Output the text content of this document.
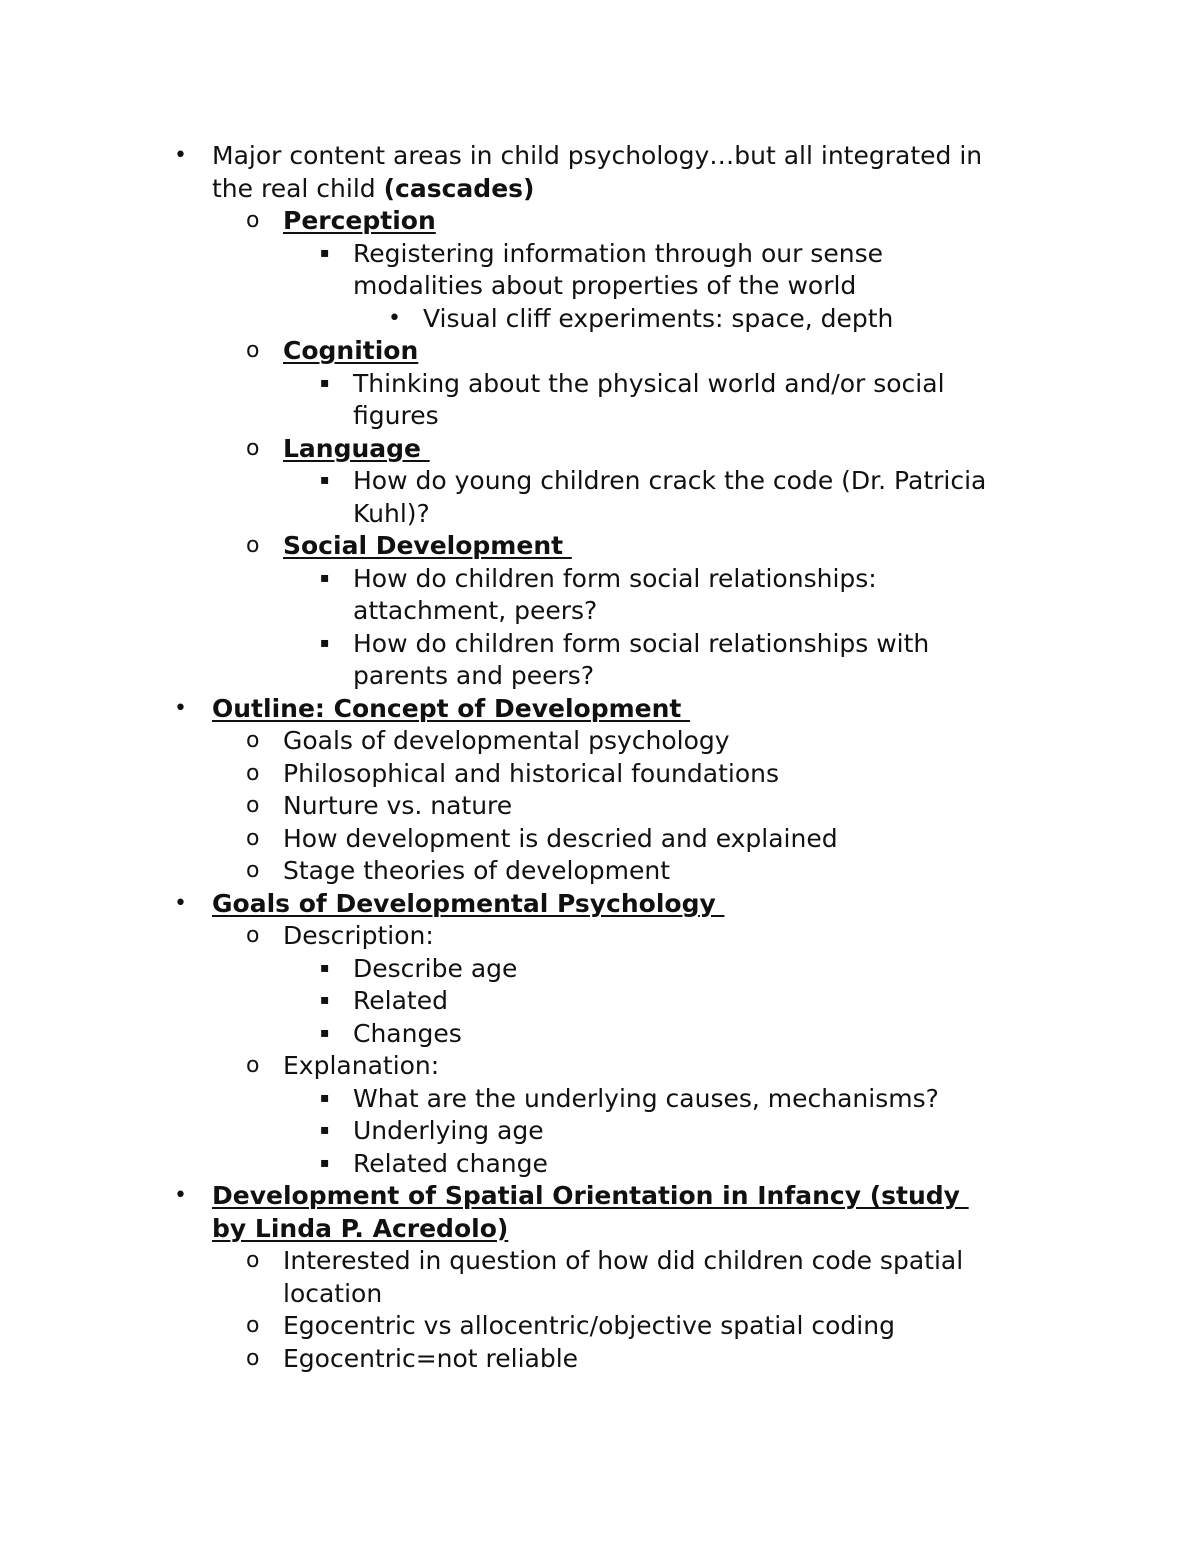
• Major content areas in child psychology…but all integrated in
the real child (cascades)
o Perception
▪ Registering information through our sense
modalities about properties of the world
• Visual cliff experiments: space, depth
o Cognition
▪ Thinking about the physical world and/or social
figures
o Language
▪ How do young children crack the code (Dr. Patricia
Kuhl)?
o Social Development
▪ How do children form social relationships:
attachment, peers?
▪ How do children form social relationships with
parents and peers?
• Outline: Concept of Development
o Goals of developmental psychology
o Philosophical and historical foundations
o Nurture vs. nature
o How development is descried and explained
o Stage theories of development
• Goals of Developmental Psychology
o Description:
▪ Describe age
▪ Related
▪ Changes
o Explanation:
▪ What are the underlying causes, mechanisms?
▪ Underlying age
▪ Related change
• Development of Spatial Orientation in Infancy (study
by Linda P. Acredolo)
o Interested in question of how did children code spatial
location
o Egocentric vs allocentric/objective spatial coding
o Egocentric=not reliable
